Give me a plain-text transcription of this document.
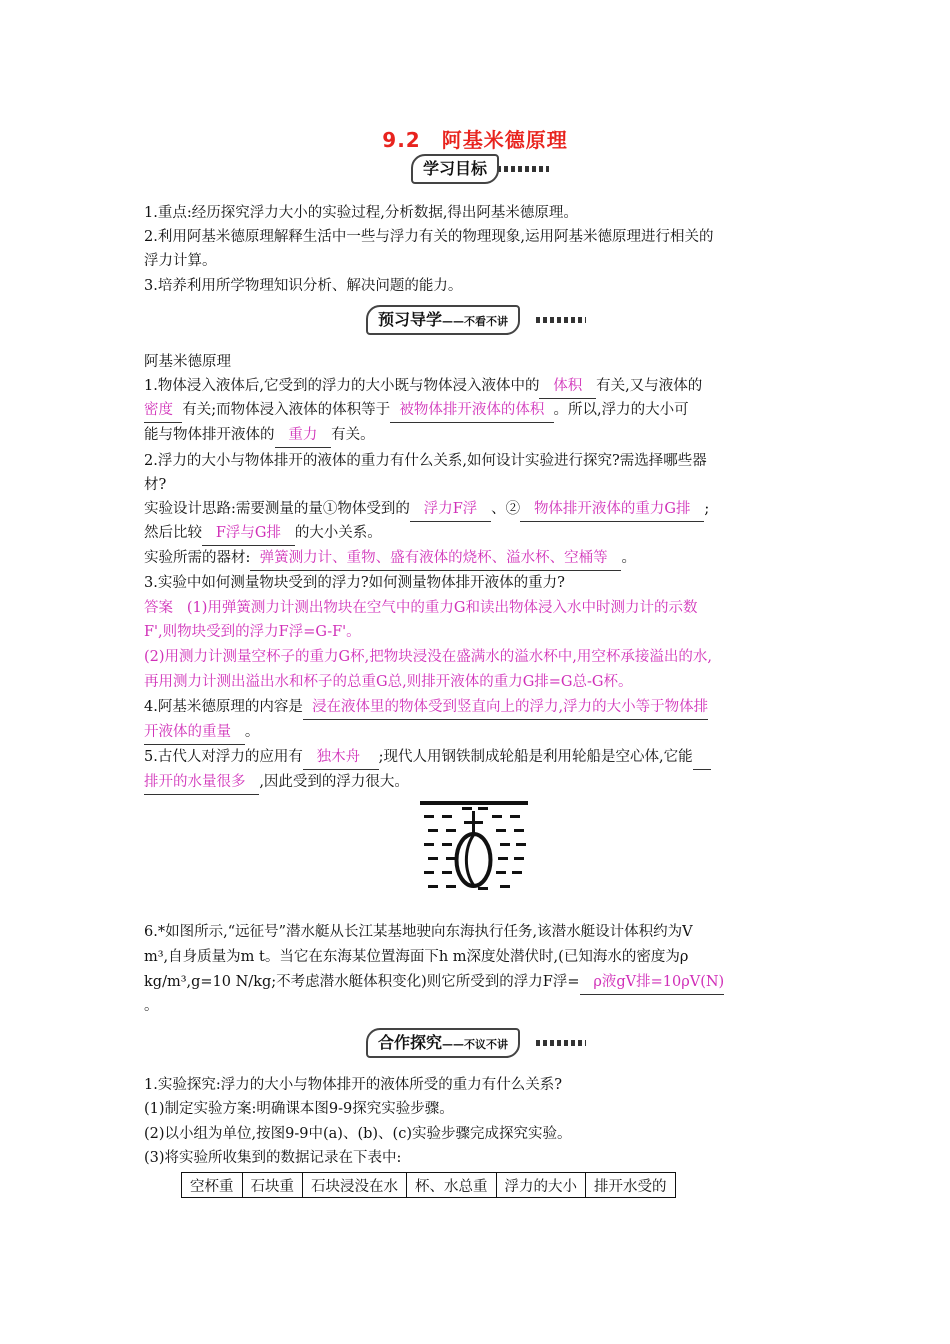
9.2　阿基米德原理
学习目标
1.重点:经历探究浮力大小的实验过程,分析数据,得出阿基米德原理。
2.利用阿基米德原理解释生活中一些与浮力有关的物理现象,运用阿基米德原理进行相关的
浮力计算。
3.培养利用所学物理知识分析、解决问题的能力。
预习导学——不看不讲
阿基米德原理
1.物体浸入液体后,它受到的浮力的大小既与物体浸入液体中的 体积 有关,又与液体的
密度 有关;而物体浸入液体的体积等于 被物体排开液体的体积 。所以,浮力的大小可
能与物体排开液体的 重力 有关。
2.浮力的大小与物体排开的液体的重力有什么关系,如何设计实验进行探究?需选择哪些器
材?
实验设计思路:需要测量的量①物体受到的 浮力F浮 、② 物体排开液体的重力G排 ;
然后比较 F浮与G排 的大小关系。
实验所需的器材: 弹簧测力计、重物、盛有液体的烧杯、溢水杯、空桶等 。
3.实验中如何测量物块受到的浮力?如何测量物体排开液体的重力?
答案 (1)用弹簧测力计测出物块在空气中的重力G和读出物体浸入水中时测力计的示数
F',则物块受到的浮力F浮=G-F'。
(2)用测力计测量空杯子的重力G杯,把物块浸没在盛满水的溢水杯中,用空杯承接溢出的水,
再用测力计测出溢出水和杯子的总重G总,则排开液体的重力G排=G总-G杯。
4.阿基米德原理的内容是 浸在液体里的物体受到竖直向上的浮力,浮力的大小等于物体排
开液体的重量 。
5.古代人对浮力的应用有 独木舟 ;现代人用钢铁制成轮船是利用轮船是空心体,它能
排开的水量很多 ,因此受到的浮力很大。
6.*如图所示,“远征号”潜水艇从长江某基地驶向东海执行任务,该潜水艇设计体积约为V
m³,自身质量为m t。当它在东海某位置海面下h m深度处潜伏时,(已知海水的密度为ρ
kg/m³,g=10 N/kg;不考虑潜水艇体积变化)则它所受到的浮力F浮= ρ液gV排=10ρV(N)
。
合作探究——不议不讲
1.实验探究:浮力的大小与物体排开的液体所受的重力有什么关系?
(1)制定实验方案:明确课本图9-9探究实验步骤。
(2)以小组为单位,按图9-9中(a)、(b)、(c)实验步骤完成探究实验。
(3)将实验所收集到的数据记录在下表中:
空杯重	石块重	石块浸没在水	杯、水总重	浮力的大小	排开水受的
